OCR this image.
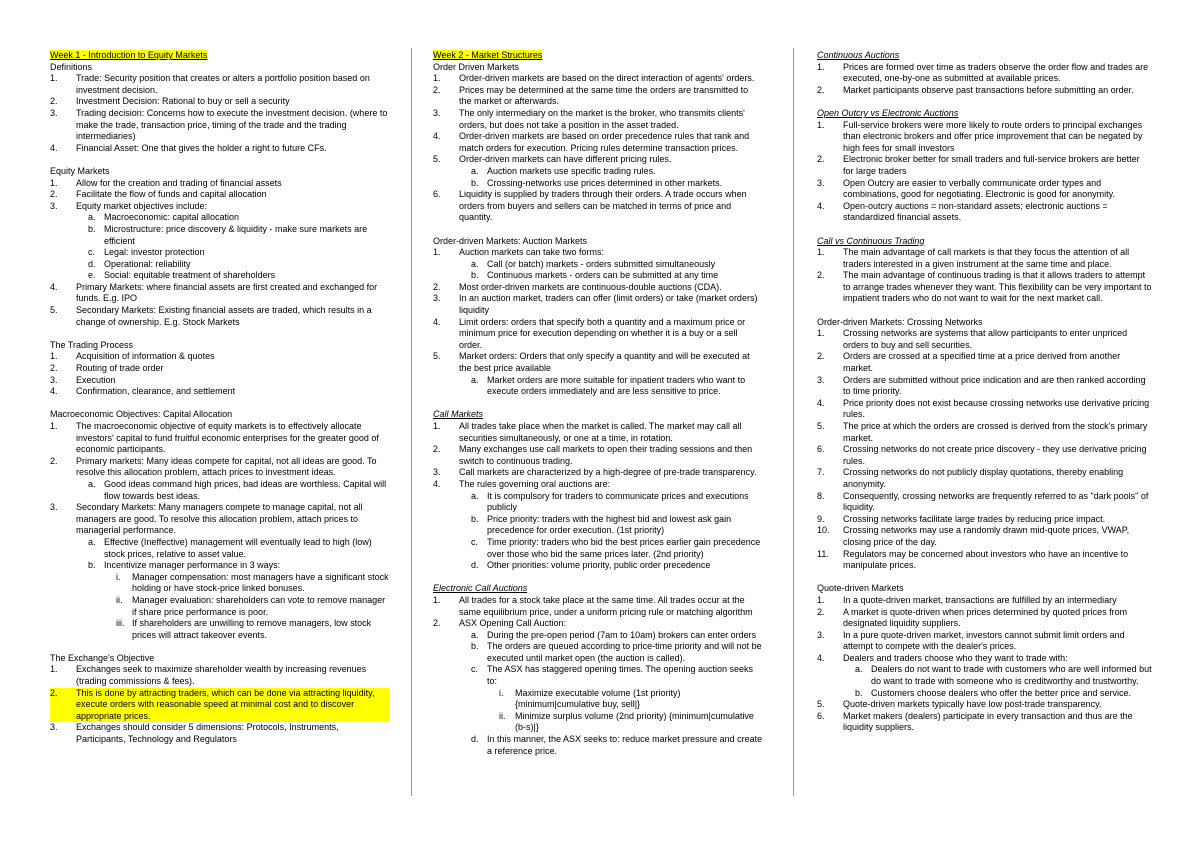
Week 1 - Introduction to Equity Markets
Definitions
1. Trade: Security position that creates or alters a portfolio position based on investment decision.
2. Investment Decision: Rational to buy or sell a security
3. Trading decision: Concerns how to execute the investment decision. (where to make the trade, transaction price, timing of the trade and the trading intermediaries)
4. Financial Asset: One that gives the holder a right to future CFs.
Equity Markets
1. Allow for the creation and trading of financial assets
2. Facilitate the flow of funds and capital allocation
3. Equity market objectives include:
a. Macroeconomic: capital allocation
b. Microstructure: price discovery & liquidity - make sure markets are efficient
c. Legal: investor protection
d. Operational: reliability
e. Social: equitable treatment of shareholders
4. Primary Markets: where financial assets are first created and exchanged for funds. E.g. IPO
5. Secondary Markets: Existing financial assets are traded, which results in a change of ownership. E.g. Stock Markets
The Trading Process
1. Acquisition of information & quotes
2. Routing of trade order
3. Execution
4. Confirmation, clearance, and settlement
Macroeconomic Objectives: Capital Allocation
1. The macroeconomic objective of equity markets is to effectively allocate investors' capital to fund fruitful economic enterprises for the greater good of economic participants.
2. Primary markets: Many ideas compete for capital, not all ideas are good. To resolve this allocation problem, attach prices to investment ideas.
a. Good ideas command high prices, bad ideas are worthless. Capital will flow towards best ideas.
3. Secondary Markets: Many managers compete to manage capital, not all managers are good. To resolve this allocation problem, attach prices to managerial performance.
a. Effective (Ineffective) management will eventually lead to high (low) stock prices, relative to asset value.
b. Incentivize manager performance in 3 ways:
i. Manager compensation: most managers have a significant stock holding or have stock-price linked bonuses.
ii. Manager evaluation: shareholders can vote to remove manager if share price performance is poor.
iii. If shareholders are unwilling to remove managers, low stock prices will attract takeover events.
The Exchange's Objective
1. Exchanges seek to maximize shareholder wealth by increasing revenues (trading commissions & fees).
2. This is done by attracting traders, which can be done via attracting liquidity, execute orders with reasonable speed at minimal cost and to discover appropriate prices.
3. Exchanges should consider 5 dimensions: Protocols, Instruments, Participants, Technology and Regulators
Week 2 - Market Structures
Order Driven Markets
1. Order-driven markets are based on the direct interaction of agents' orders.
2. Prices may be determined at the same time the orders are transmitted to the market or afterwards.
3. The only intermediary on the market is the broker, who transmits clients' orders, but does not take a position in the asset traded.
4. Order-driven markets are based on order precedence rules that rank and match orders for execution. Pricing rules determine transaction prices.
5. Order-driven markets can have different pricing rules.
a. Auction markets use specific trading rules.
b. Crossing-networks use prices determined in other markets.
6. Liquidity is supplied by traders through their orders. A trade occurs when orders from buyers and sellers can be matched in terms of price and quantity.
Order-driven Markets: Auction Markets
1. Auction markets can take two forms:
a. Call (or batch) markets - orders submitted simultaneously
b. Continuous markets - orders can be submitted at any time
2. Most order-driven markets are continuous-double auctions (CDA).
3. In an auction market, traders can offer (limit orders) or take (market orders) liquidity
4. Limit orders: orders that specify both a quantity and a maximum price or minimum price for execution depending on whether it is a buy or a sell order.
5. Market orders: Orders that only specify a quantity and will be executed at the best price available
a. Market orders are more suitable for inpatient traders who want to execute orders immediately and are less sensitive to price.
Call Markets
1. All trades take place when the market is called. The market may call all securities simultaneously, or one at a time, in rotation.
2. Many exchanges use call markets to open their trading sessions and then switch to continuous trading.
3. Call markets are characterized by a high-degree of pre-trade transparency.
4. The rules governing oral auctions are:
a. It is compulsory for traders to communicate prices and executions publicly
b. Price priority: traders with the highest bid and lowest ask gain precedence for order execution. (1st priority)
c. Time priority: traders who bid the best prices earlier gain precedence over those who bid the same prices later. (2nd priority)
d. Other priorities: volume priority, public order precedence
Electronic Call Auctions
1. All trades for a stock take place at the same time. All trades occur at the same equilibrium price, under a uniform pricing rule or matching algorithm
2. ASX Opening Call Auction:
a. During the pre-open period (7am to 10am) brokers can enter orders
b. The orders are queued according to price-time priority and will not be executed until market open (the auction is called).
c. The ASX has staggered opening times. The opening auction seeks to:
i. Maximize executable volume (1st priority) {minimum|cumulative buy, sell|}
ii. Minimize surplus volume (2nd priority) {minimum|cumulative (b-s)|}
d. In this manner, the ASX seeks to: reduce market pressure and create a reference price.
Continuous Auctions
1. Prices are formed over time as traders observe the order flow and trades are executed, one-by-one as submitted at available prices.
2. Market participants observe past transactions before submitting an order.
Open Outcry vs Electronic Auctions
1. Full-service brokers were more likely to route orders to principal exchanges than electronic brokers and offer price improvement that can be negated by high fees for small investors
2. Electronic broker better for small traders and full-service brokers are better for large traders
3. Open Outcry are easier to verbally communicate order types and combinations, good for negotiating. Electronic is good for anonymity.
4. Open-outcry auctions = non-standard assets; electronic auctions = standardized financial assets.
Call vs Continuous Trading
1. The main advantage of call markets is that they focus the attention of all traders interested in a given instrument at the same time and place.
2. The main advantage of continuous trading is that it allows traders to attempt to arrange trades whenever they want. This flexibility can be very important to impatient traders who do not want to wait for the next market call.
Order-driven Markets: Crossing Networks
1. Crossing networks are systems that allow participants to enter unpriced orders to buy and sell securities.
2. Orders are crossed at a specified time at a price derived from another market.
3. Orders are submitted without price indication and are then ranked according to time priority.
4. Price priority does not exist because crossing networks use derivative pricing rules.
5. The price at which the orders are crossed is derived from the stock's primary market.
6. Crossing networks do not create price discovery - they use derivative pricing rules.
7. Crossing networks do not publicly display quotations, thereby enabling anonymity.
8. Consequently, crossing networks are frequently referred to as "dark pools" of liquidity.
9. Crossing networks facilitate large trades by reducing price impact.
10. Crossing networks may use a randomly drawn mid-quote prices, VWAP, closing price of the day.
11. Regulators may be concerned about investors who have an incentive to manipulate prices.
Quote-driven Markets
1. In a quote-driven market, transactions are fulfilled by an intermediary
2. A market is quote-driven when prices determined by quoted prices from designated liquidity suppliers.
3. In a pure quote-driven market, investors cannot submit limit orders and attempt to compete with the dealer's prices.
4. Dealers and traders choose who they want to trade with:
a. Dealers do not want to trade with customers who are well informed but do want to trade with someone who is creditworthy and trustworthy.
b. Customers choose dealers who offer the better price and service.
5. Quote-driven markets typically have low post-trade transparency.
6. Market makers (dealers) participate in every transaction and thus are the liquidity suppliers.
